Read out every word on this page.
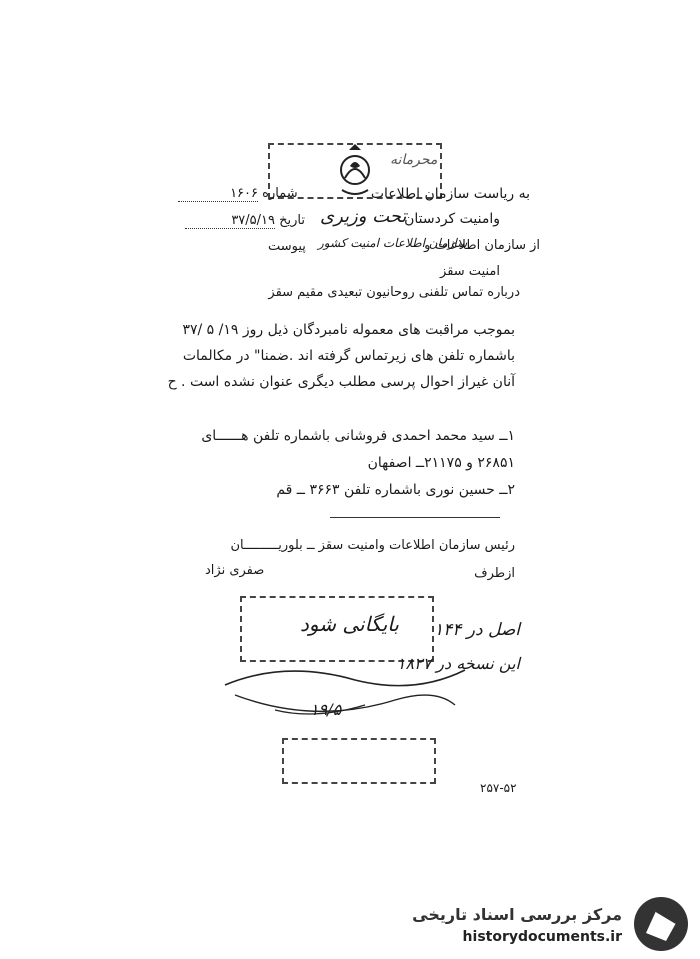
محرمانه
به ریاست سازمان اطلاعات
شماره ۱۶۰۶
وامنیت کردستان
تحت وزیری
تاریخ ۳۷/۵/۱۹
از سازمان اطلاعات و
سازمان اطلاعات امنیت کشور
پیوست
امنیت سقز
درباره تماس تلفنی روحانیون تبعیدی مقیم سقز
بموجب مراقبت های معموله نامبردگان ذیل روز ۱۹/ ۵ /۳۷
باشماره تلفن های زیرتماس گرفته اند .ضمنا" در مکالمات
آنان غیراز احوال پرسی مطلب دیگری عنوان نشده است . ح
۱ــ سید محمد احمدی فروشانی باشماره تلفن هــــــای
۲۶۸۵۱ و ۲۱۱۷۵ــ اصفهان
۲ــ حسین نوری باشماره تلفن ۳۶۶۳ ــ قم
رئیس سازمان اطلاعات وامنیت سقز ــ بلوریـــــــــان
ازطرف
صفری نژاد
بایگانی شود اصل در ۱۴۴
این نسخه در ۱۸۲۷
۱۹/۵
۲۵۷-۵۲
مرکز بررسی اسناد تاریخی
historydocuments.ir
